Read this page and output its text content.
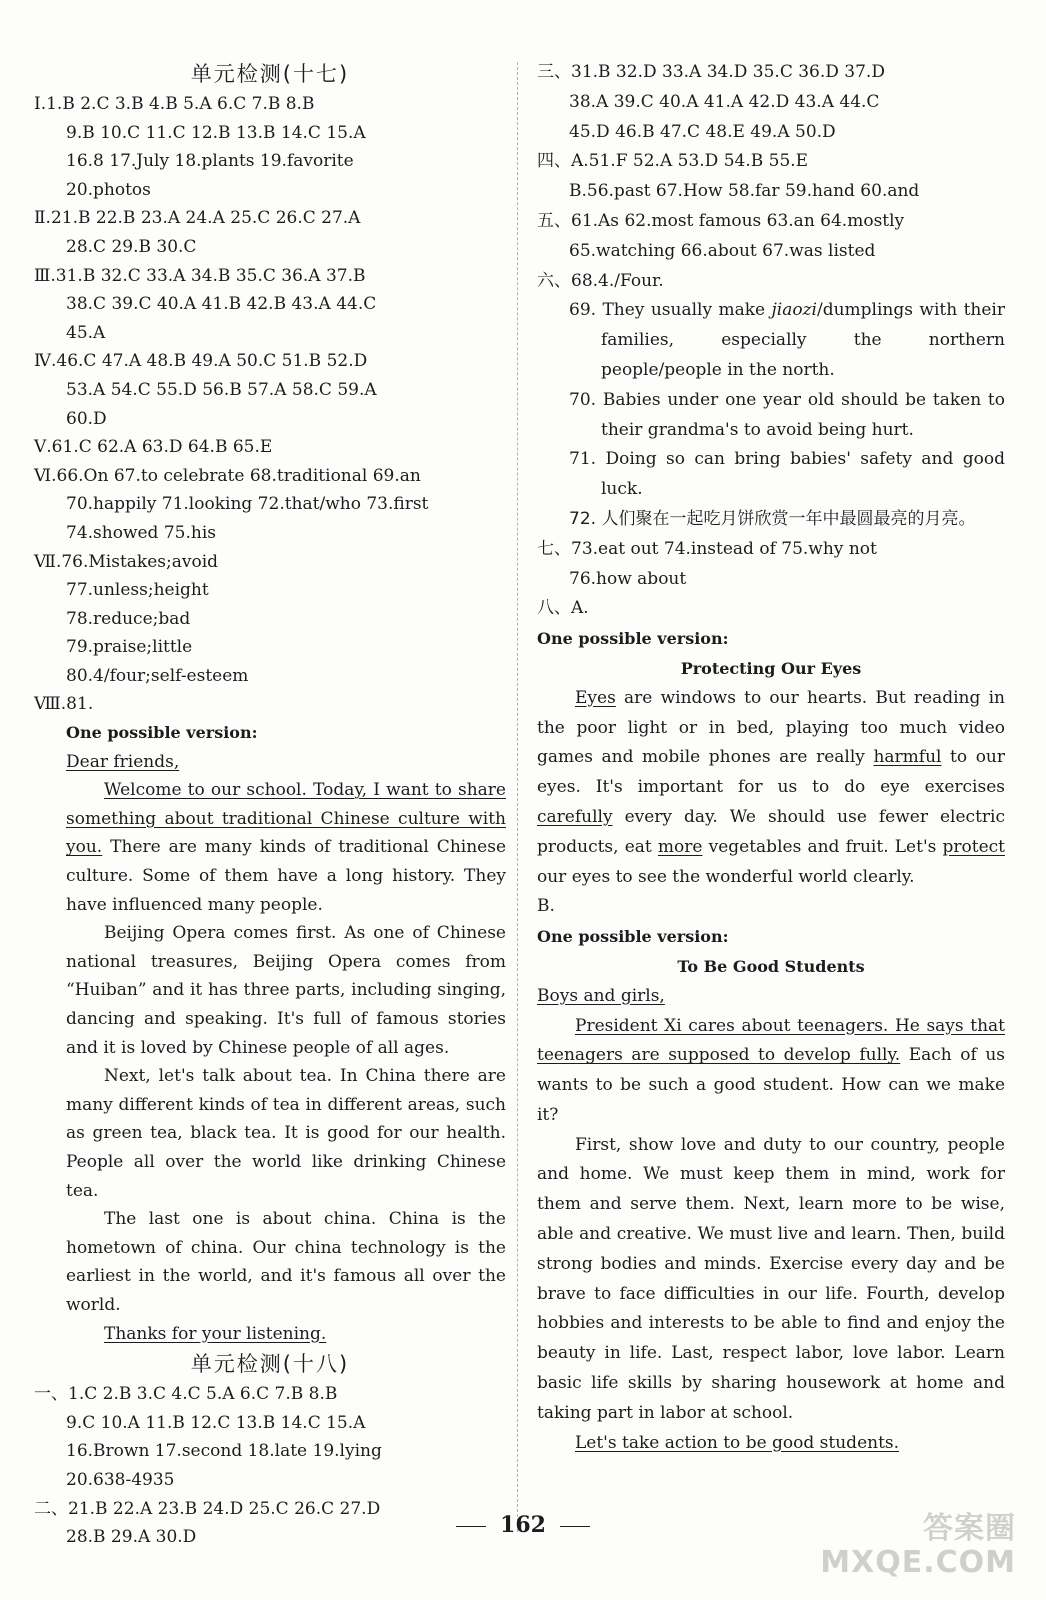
单元检测(十七)
Ⅰ.1.B 2.C 3.B 4.B 5.A 6.C 7.B 8.B
9.B 10.C 11.C 12.B 13.B 14.C 15.A
16.8 17.July 18.plants 19.favorite
20.photos
Ⅱ.21.B 22.B 23.A 24.A 25.C 26.C 27.A
28.C 29.B 30.C
Ⅲ.31.B 32.C 33.A 34.B 35.C 36.A 37.B
38.C 39.C 40.A 41.B 42.B 43.A 44.C
45.A
Ⅳ.46.C 47.A 48.B 49.A 50.C 51.B 52.D
53.A 54.C 55.D 56.B 57.A 58.C 59.A
60.D
Ⅴ.61.C 62.A 63.D 64.B 65.E
Ⅵ.66.On 67.to celebrate 68.traditional 69.an
70.happily 71.looking 72.that/who 73.first
74.showed 75.his
Ⅶ.76.Mistakes;avoid
77.unless;height
78.reduce;bad
79.praise;little
80.4/four;self-esteem
Ⅷ.81.
One possible version:
Dear friends,
Welcome to our school. Today, I want to share something about traditional Chinese culture with you. There are many kinds of traditional Chinese culture. Some of them have a long history. They have influenced many people.
Beijing Opera comes first. As one of Chinese national treasures, Beijing Opera comes from “Huiban” and it has three parts, including singing, dancing and speaking. It's full of famous stories and it is loved by Chinese people of all ages.
Next, let's talk about tea. In China there are many different kinds of tea in different areas, such as green tea, black tea. It is good for our health. People all over the world like drinking Chinese tea.
The last one is about china. China is the hometown of china. Our china technology is the earliest in the world, and it's famous all over the world.
Thanks for your listening.
单元检测(十八)
一、1.C 2.B 3.C 4.C 5.A 6.C 7.B 8.B
9.C 10.A 11.B 12.C 13.B 14.C 15.A
16.Brown 17.second 18.late 19.lying
20.638-4935
二、21.B 22.A 23.B 24.D 25.C 26.C 27.D
28.B 29.A 30.D
三、31.B 32.D 33.A 34.D 35.C 36.D 37.D
38.A 39.C 40.A 41.A 42.D 43.A 44.C
45.D 46.B 47.C 48.E 49.A 50.D
四、A.51.F 52.A 53.D 54.B 55.E
B.56.past 67.How 58.far 59.hand 60.and
五、61.As 62.most famous 63.an 64.mostly
65.watching 66.about 67.was listed
六、68.4./Four.
69. They usually make jiaozi/dumplings with their families, especially the northern people/people in the north.
70. Babies under one year old should be taken to their grandma's to avoid being hurt.
71. Doing so can bring babies' safety and good luck.
72. 人们聚在一起吃月饼欣赏一年中最圆最亮的月亮。
七、73.eat out 74.instead of 75.why not
76.how about
八、A.
One possible version:
Protecting Our Eyes
Eyes are windows to our hearts. But reading in the poor light or in bed, playing too much video games and mobile phones are really harmful to our eyes. It's important for us to do eye exercises carefully every day. We should use fewer electric products, eat more vegetables and fruit. Let's protect our eyes to see the wonderful world clearly.
B.
One possible version:
To Be Good Students
Boys and girls,
President Xi cares about teenagers. He says that teenagers are supposed to develop fully. Each of us wants to be such a good student. How can we make it?
First, show love and duty to our country, people and home. We must keep them in mind, work for them and serve them. Next, learn more to be wise, able and creative. We must live and learn. Then, build strong bodies and minds. Exercise every day and be brave to face difficulties in our life. Fourth, develop hobbies and interests to be able to find and enjoy the beauty in life. Last, respect labor, love labor. Learn basic life skills by sharing housework at home and taking part in labor at school.
Let's take action to be good students.
162	答案圈
MXQE.COM
